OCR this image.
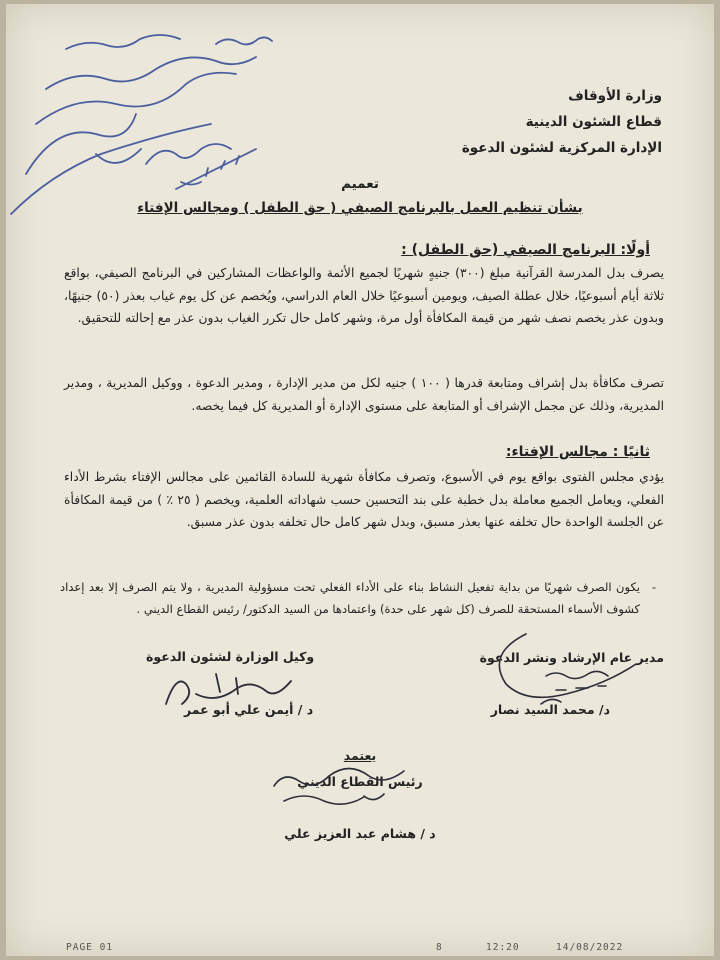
وزارة الأوقاف
قطاع الشئون الدينية
الإدارة المركزية لشئون الدعوة
تعميم
بشأن تنظيم العمل بالبرنامج الصيفي ( حق الطفل ) ومجالس الإفتاء
أولًا: البرنامج الصيفي (حق الطفل) :
يصرف بدل المدرسة القرآنية مبلغ (٣٠٠) جنيهٍ شهريًا لجميع الأئمة والواعظات المشاركين في البرنامج الصيفي، بواقع ثلاثة أيام أسبوعيًا، خلال عطلة الصيف، ويومين أسبوعيًا خلال العام الدراسي، ويُخصم عن كل يوم غياب بعذر (٥٠) جنيهًا، وبدون عذر يخصم نصف شهر من قيمة المكافأة أول مرة، وشهر كامل حال تكرر الغياب بدون عذر مع إحالته للتحقيق.
تصرف مكافأة بدل إشراف ومتابعة قدرها ( ١٠٠ ) جنيه لكل من مدير الإدارة ، ومدير الدعوة ، ووكيل المديرية ، ومدير المديرية، وذلك عن مجمل الإشراف أو المتابعة على مستوى الإدارة أو المديرية كل فيما يخصه.
ثانيًا : مجالس الإفتاء:
يؤدي مجلس الفتوى بواقع يوم في الأسبوع، وتصرف مكافأة شهرية للسادة القائمين على مجالس الإفتاء بشرط الأداء الفعلي، ويعامل الجميع معاملة بدل خطبة على بند التحسين حسب شهاداته العلمية، ويخصم ( ٢٥ ٪ ) من قيمة المكافأة عن الجلسة الواحدة حال تخلفه عنها بعذر مسبق، وبدل شهر كامل حال تخلفه بدون عذر مسبق.
-
يكون الصرف شهريًا من بداية تفعيل النشاط بناء على الأداء الفعلي تحت مسؤولية المديرية ، ولا يتم الصرف إلا بعد إعداد كشوف الأسماء المستحقة للصرف (كل شهر على حدة) واعتمادها من السيد الدكتور/ رئيس القطاع الديني .
مدير عام الإرشاد ونشر الدعوة
وكيل الوزارة لشئون الدعوة
د/ محمد السيد نصار
د / أيمن علي أبو عمر
يعتمد
رئيس القطاع الديني
د / هشام عبد العزيز علي
PAGE 01	8	12:20	14/08/2022
